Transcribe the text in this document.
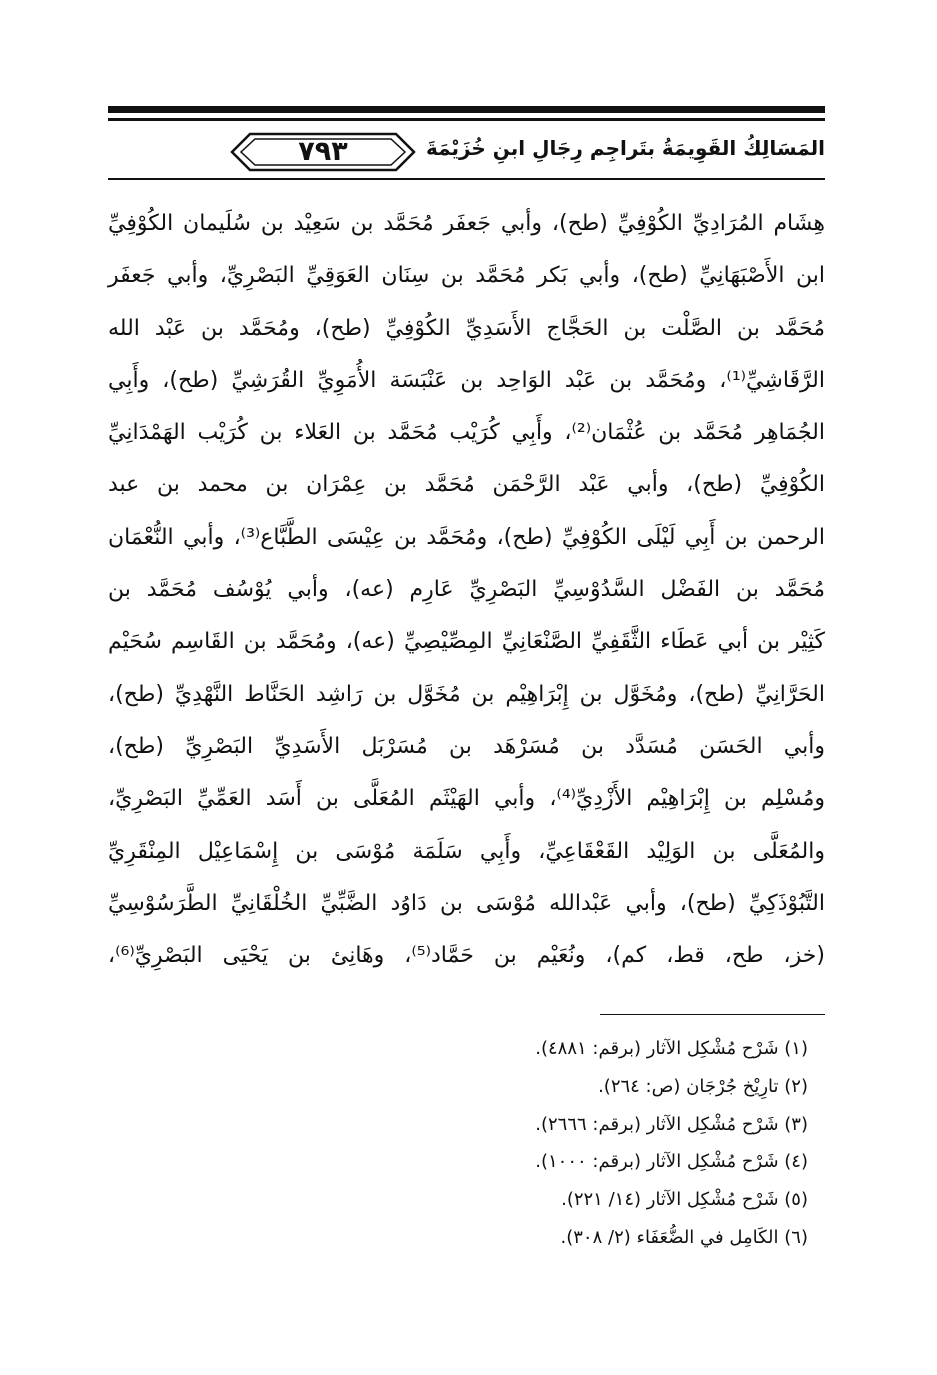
٧٩٣	المَسَالِكُ القَوِيمَةُ بتَراجِم رِجَالِ ابنِ خُزَيْمَةَ
هِشَام المُرَادِيِّ الكُوْفِيِّ (طح)، وأبي جَعفَر مُحَمَّد بن سَعِيْد بن سُلَيمان الكُوْفِيِّ
ابن الأَصْبَهَانِيِّ (طح)، وأبي بَكر مُحَمَّد بن سِنَان العَوَقِيِّ البَصْرِيِّ، وأبي جَعفَر
مُحَمَّد بن الصَّلْت بن الحَجَّاج الأَسَدِيِّ الكُوْفِيِّ (طح)، ومُحَمَّد بن عَبْد الله
الرَّقَاشِيِّ⁽¹⁾، ومُحَمَّد بن عَبْد الوَاحِد بن عَنْبَسَة الأُمَوِيِّ القُرَشِيِّ (طح)، وأَبِي
الجُمَاهِر مُحَمَّد بن عُثْمَان⁽²⁾، وأَبِي كُرَيْب مُحَمَّد بن العَلاء بن كُرَيْب الهَمْدَانِيِّ
الكُوْفِيِّ (طح)، وأبي عَبْد الرَّحْمَن مُحَمَّد بن عِمْرَان بن محمد بن عبد
الرحمن بن أَبِي لَيْلَى الكُوْفِيِّ (طح)، ومُحَمَّد بن عِيْسَى الطَّبَّاع⁽³⁾، وأبي النُّعْمَان
مُحَمَّد بن الفَضْل السَّدُوْسِيِّ البَصْرِيِّ عَارِم (عه)، وأبي يُوْسُف مُحَمَّد بن
كَثِيْر بن أبي عَطَاء الثَّقَفِيِّ الصَّنْعَانِيِّ المِصِّيْصِيِّ (عه)، ومُحَمَّد بن القَاسِم سُحَيْم
الحَرَّانِيِّ (طح)، ومُخَوَّل بن إِبْرَاهِيْم بن مُخَوَّل بن رَاشِد الحَنَّاط النَّهْدِيِّ (طح)،
وأبي الحَسَن مُسَدَّد بن مُسَرْهَد بن مُسَرْبَل الأَسَدِيِّ البَصْرِيِّ (طح)،
ومُسْلِم بن إِبْرَاهِيْم الأَزْدِيِّ⁽⁴⁾، وأبي الهَيْثَم المُعَلَّى بن أَسَد العَمِّيِّ البَصْرِيِّ،
والمُعَلَّى بن الوَلِيْد القَعْقَاعِيِّ، وأَبِي سَلَمَة مُوْسَى بن إِسْمَاعِيْل المِنْقَرِيِّ
التَّبُوْذَكِيِّ (طح)، وأبي عَبْدالله مُوْسَى بن دَاوُد الضَّبِّيِّ الخُلْقَانِيِّ الطَّرَسُوْسِيِّ
(خز، طح، قط، كم)، ونُعَيْم بن حَمَّاد⁽⁵⁾، وهَانِئ بن يَحْيَى البَصْرِيِّ⁽⁶⁾،
(١) شَرْح مُشْكِل الآثار (برقم: ٤٨٨١).
(٢) تارِيْخ جُرْجَان (ص: ٢٦٤).
(٣) شَرْح مُشْكِل الآثار (برقم: ٢٦٦٦).
(٤) شَرْح مُشْكِل الآثار (برقم: ١٠٠٠).
(٥) شَرْح مُشْكِل الآثار (١٤/ ٢٢١).
(٦) الكَامِل في الضُّعَفَاء (٢/ ٣٠٨).
